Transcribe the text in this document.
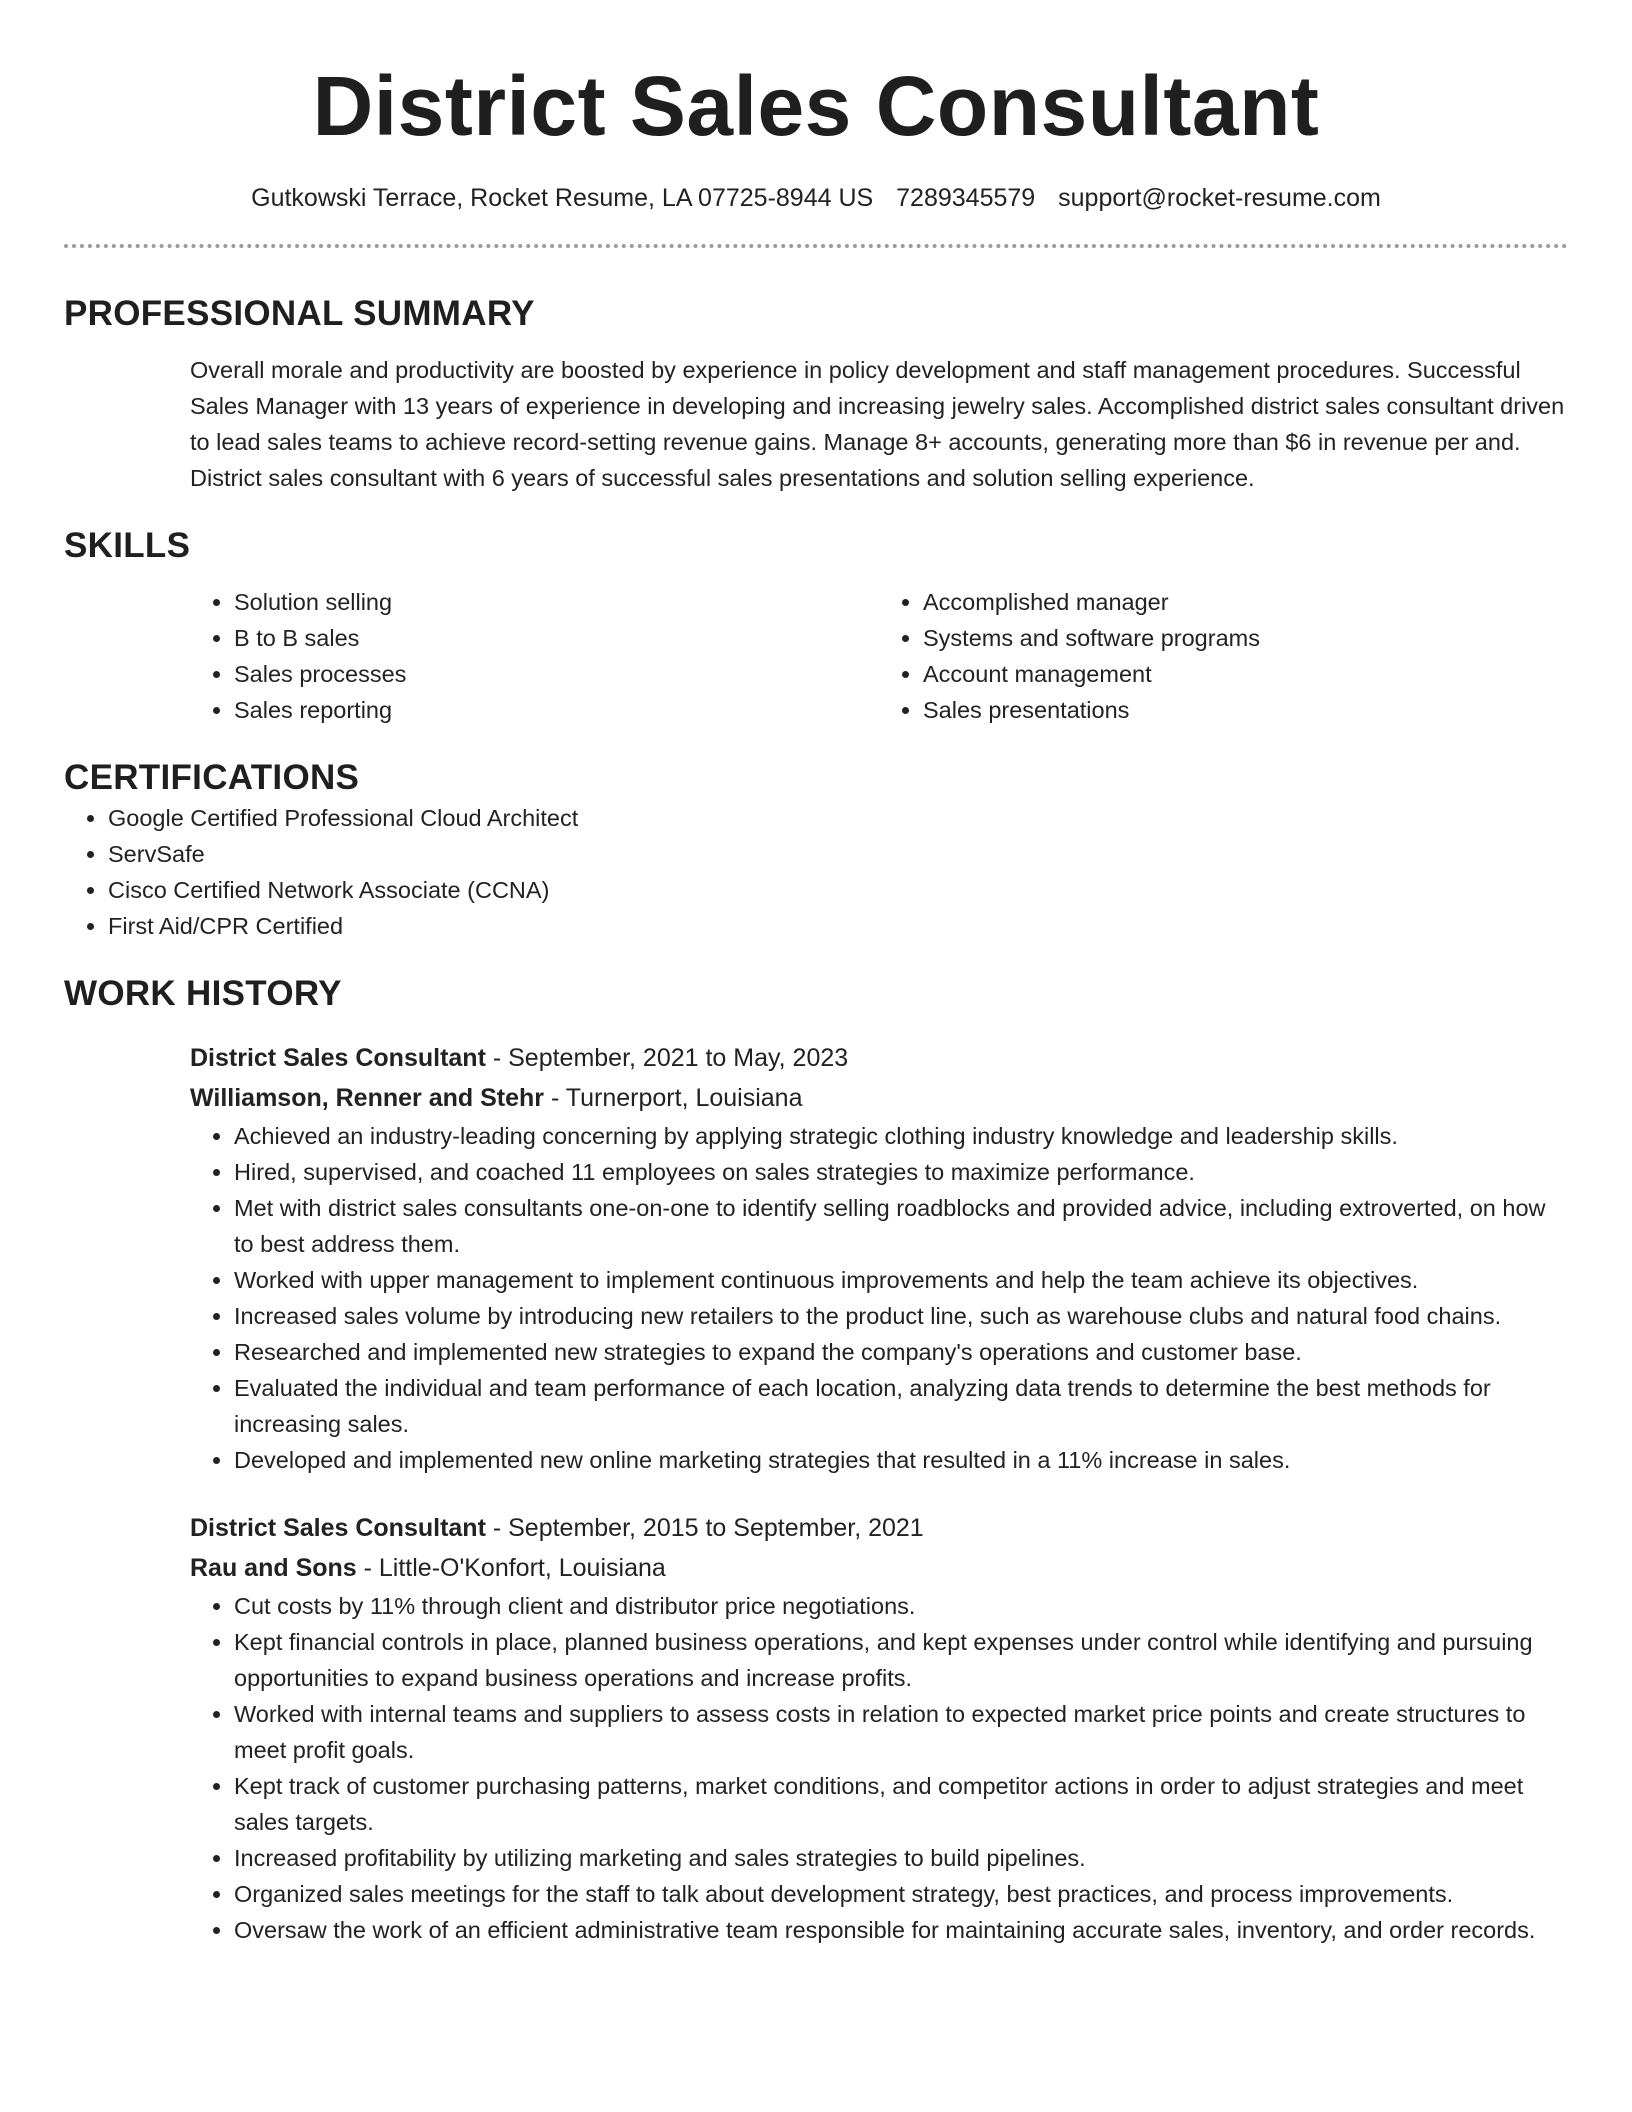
District Sales Consultant
Gutkowski Terrace, Rocket Resume, LA 07725-8944 US 7289345579 support@rocket-resume.com
PROFESSIONAL SUMMARY

Overall morale and productivity are boosted by experience in policy development and staff management procedures. Successful Sales Manager with 13 years of experience in developing and increasing jewelry sales. Accomplished district sales consultant driven to lead sales teams to achieve record-setting revenue gains. Manage 8+ accounts, generating more than $6 in revenue per and. District sales consultant with 6 years of successful sales presentations and solution selling experience.

SKILLS
• Solution selling
• B to B sales
• Sales processes
• Sales reporting
• Accomplished manager
• Systems and software programs
• Account management
• Sales presentations
CERTIFICATIONS
• Google Certified Professional Cloud Architect
• ServSafe
• Cisco Certified Network Associate (CCNA)
• First Aid/CPR Certified
WORK HISTORY
District Sales Consultant - September, 2021 to May, 2023
Williamson, Renner and Stehr - Turnerport, Louisiana
• Achieved an industry-leading concerning by applying strategic clothing industry knowledge and leadership skills.
• Hired, supervised, and coached 11 employees on sales strategies to maximize performance.
• Met with district sales consultants one-on-one to identify selling roadblocks and provided advice, including extroverted, on how to best address them.
• Worked with upper management to implement continuous improvements and help the team achieve its objectives.
• Increased sales volume by introducing new retailers to the product line, such as warehouse clubs and natural food chains.
• Researched and implemented new strategies to expand the company's operations and customer base.
• Evaluated the individual and team performance of each location, analyzing data trends to determine the best methods for increasing sales.
• Developed and implemented new online marketing strategies that resulted in a 11% increase in sales.
District Sales Consultant - September, 2015 to September, 2021
Rau and Sons - Little-O'Konfort, Louisiana
• Cut costs by 11% through client and distributor price negotiations.
• Kept financial controls in place, planned business operations, and kept expenses under control while identifying and pursuing opportunities to expand business operations and increase profits.
• Worked with internal teams and suppliers to assess costs in relation to expected market price points and create structures to meet profit goals.
• Kept track of customer purchasing patterns, market conditions, and competitor actions in order to adjust strategies and meet sales targets.
• Increased profitability by utilizing marketing and sales strategies to build pipelines.
• Organized sales meetings for the staff to talk about development strategy, best practices, and process improvements.
• Oversaw the work of an efficient administrative team responsible for maintaining accurate sales, inventory, and order records.
